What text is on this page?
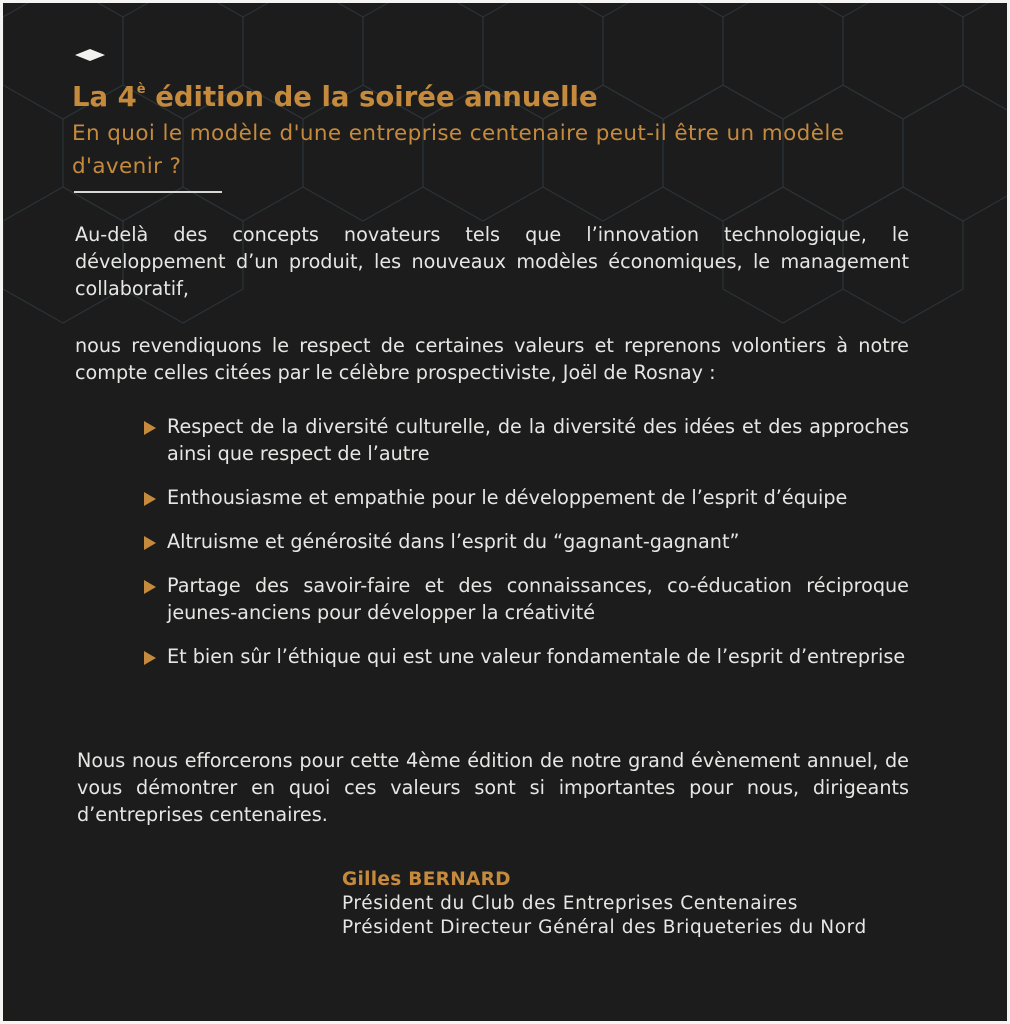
La $4^è$ édition de la soirée annuelle
En quoi le modèle d'une entreprise centenaire peut-il être un modèle d'avenir ?

Au-delà des concepts novateurs tels que l’innovation technologique, le développement d’un produit, les nouveaux modèles économiques, le management collaboratif,

nous revendiquons le respect de certaines valeurs et reprenons volontiers à notre compte celles citées par le célèbre prospectiviste, Joël de Rosnay :

Respect de la diversité culturelle, de la diversité des idées et des approches ainsi que respect de l’autre
Enthousiasme et empathie pour le développement de l’esprit d’équipe
Altruisme et générosité dans l’esprit du “gagnant-gagnant”
Partage des savoir-faire et des connaissances, co-éducation réciproque jeunes-anciens pour développer la créativité
Et bien sûr l’éthique qui est une valeur fondamentale de l’esprit d’entreprise

Nous nous efforcerons pour cette 4ème édition de notre grand évènement annuel, de vous démontrer en quoi ces valeurs sont si importantes pour nous, dirigeants d’entreprises centenaires.

Gilles BERNARD

Président du Club des Entreprises Centenaires

Président Directeur Général des Briqueteries du Nord
